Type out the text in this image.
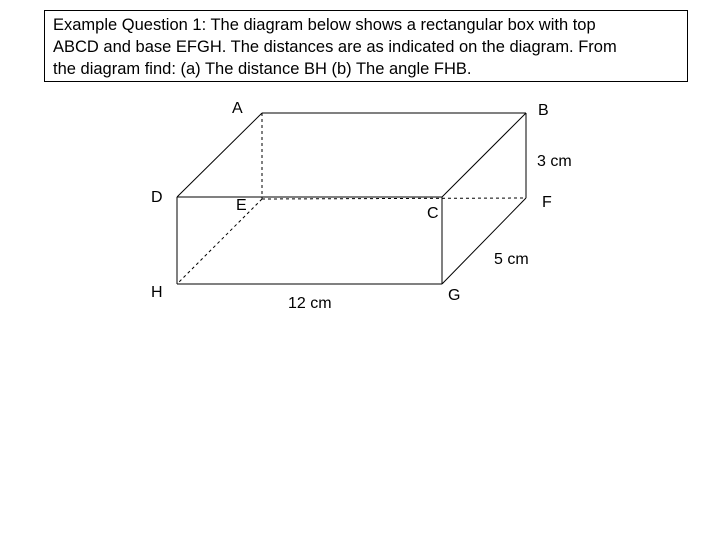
Example Question 1: The diagram below shows a rectangular box with top
ABCD and base EFGH. The distances are as indicated on the diagram. From
the diagram find: (a) The distance BH (b) The angle FHB.
A	B
D	E	C
F
H	G
3 cm
5 cm
12 cm
